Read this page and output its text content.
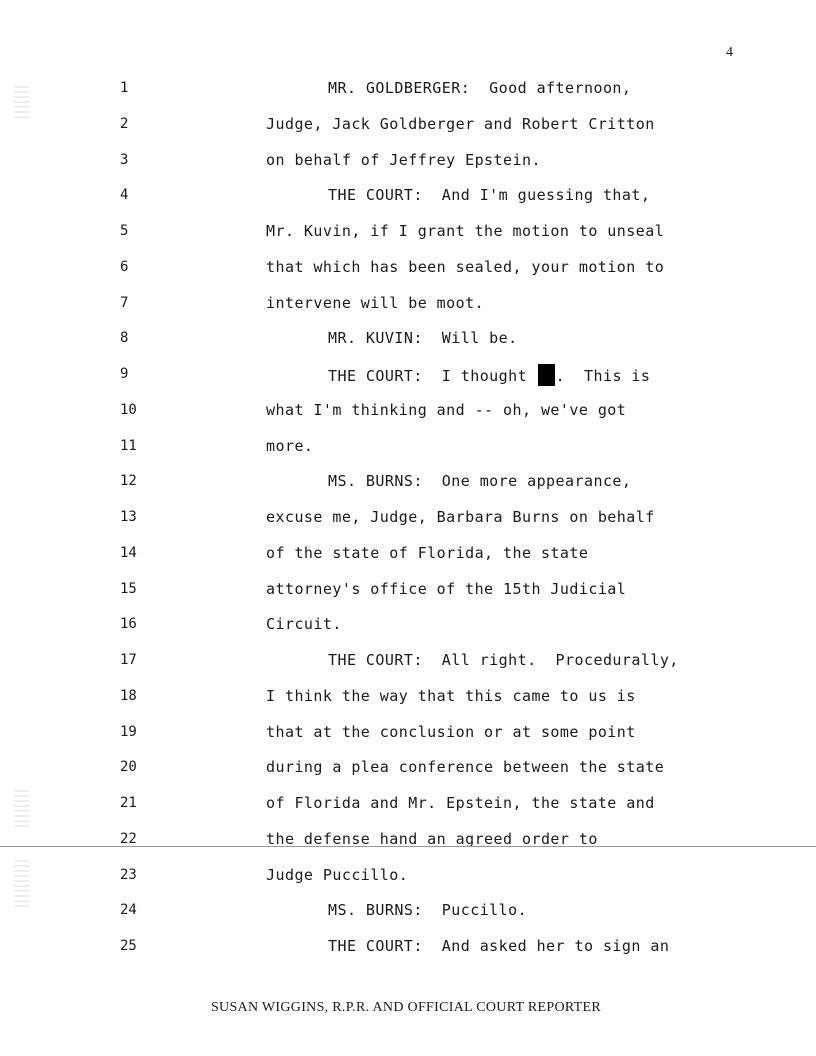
4
1	MR. GOLDBERGER:  Good afternoon,
2	Judge, Jack Goldberger and Robert Critton
3	on behalf of Jeffrey Epstein.
4	THE COURT:  And I'm guessing that,
5	Mr. Kuvin, if I grant the motion to unseal
6	that which has been sealed, your motion to
7	intervene will be moot.
8	MR. KUVIN:  Will be.
9	THE COURT:  I thought .  This is
10	what I'm thinking and -- oh, we've got
11	more.
12	MS. BURNS:  One more appearance,
13	excuse me, Judge, Barbara Burns on behalf
14	of the state of Florida, the state
15	attorney's office of the 15th Judicial
16	Circuit.
17	THE COURT:  All right.  Procedurally,
18	I think the way that this came to us is
19	that at the conclusion or at some point
20	during a plea conference between the state
21	of Florida and Mr. Epstein, the state and
22	the defense hand an agreed order to
23	Judge Puccillo.
24	MS. BURNS:  Puccillo.
25	THE COURT:  And asked her to sign an
SUSAN WIGGINS, R.P.R. AND OFFICIAL COURT REPORTER
